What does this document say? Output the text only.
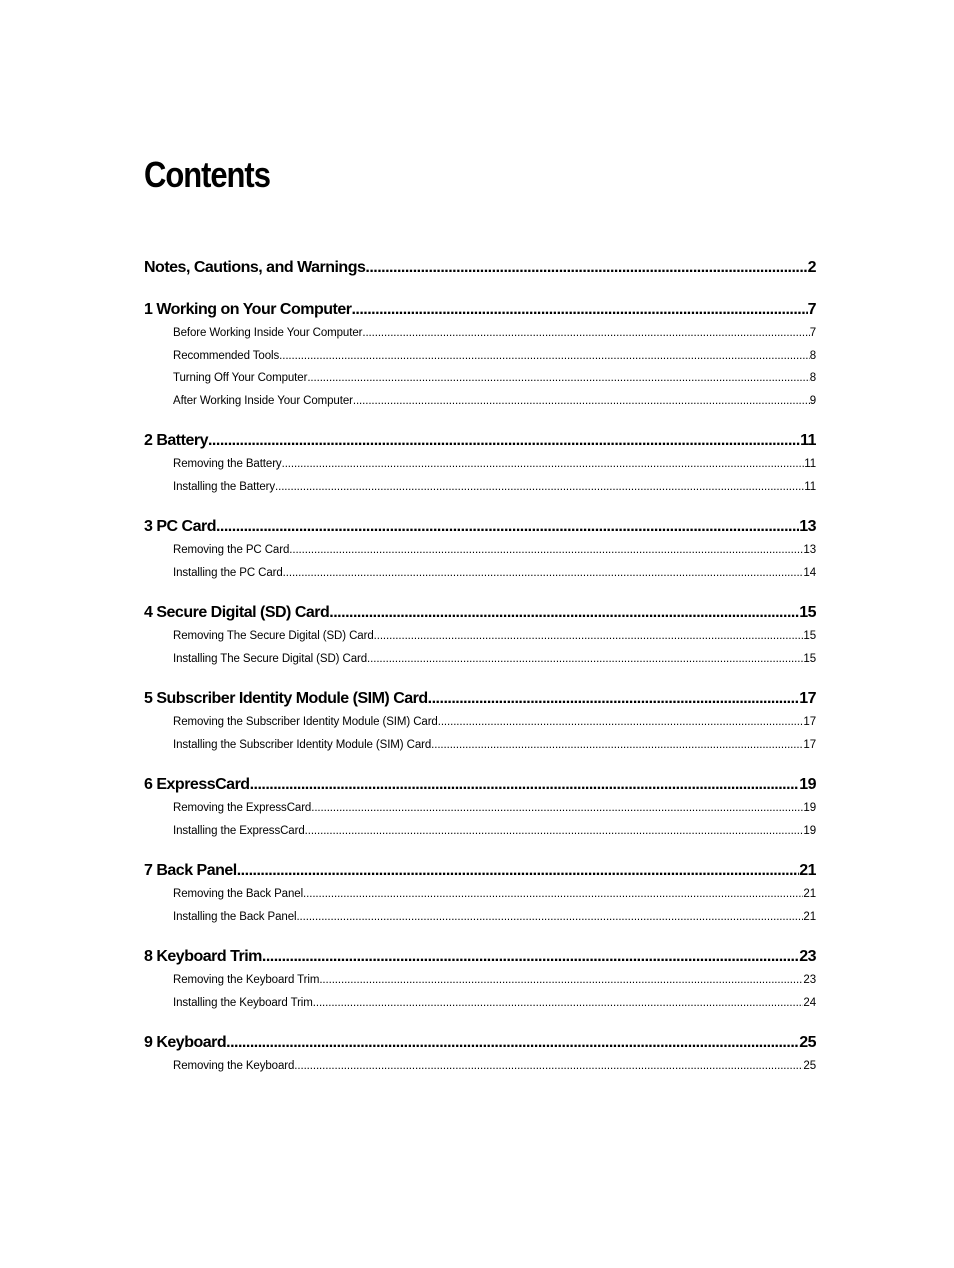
Contents
Notes, Cautions, and Warnings .....	2
1 Working on Your Computer .....	7
Before Working Inside Your Computer .....	7
Recommended Tools .....	8
Turning Off Your Computer .....	8
After Working Inside Your Computer .....	9
2 Battery .....	11
Removing the Battery .....	11
Installing the Battery .....	11
3 PC Card .....	13
Removing the PC Card .....	13
Installing the PC Card .....	14
4 Secure Digital (SD) Card .....	15
Removing The Secure Digital (SD) Card .....	15
Installing The Secure Digital (SD) Card .....	15
5 Subscriber Identity Module (SIM) Card .....	17
Removing the Subscriber Identity Module (SIM) Card .....	17
Installing the Subscriber Identity Module (SIM) Card .....	17
6 ExpressCard .....	19
Removing the ExpressCard .....	19
Installing the ExpressCard .....	19
7 Back Panel .....	21
Removing the Back Panel .....	21
Installing the Back Panel .....	21
8 Keyboard Trim .....	23
Removing the Keyboard Trim .....	23
Installing the Keyboard Trim .....	24
9 Keyboard .....	25
Removing the Keyboard .....	25
